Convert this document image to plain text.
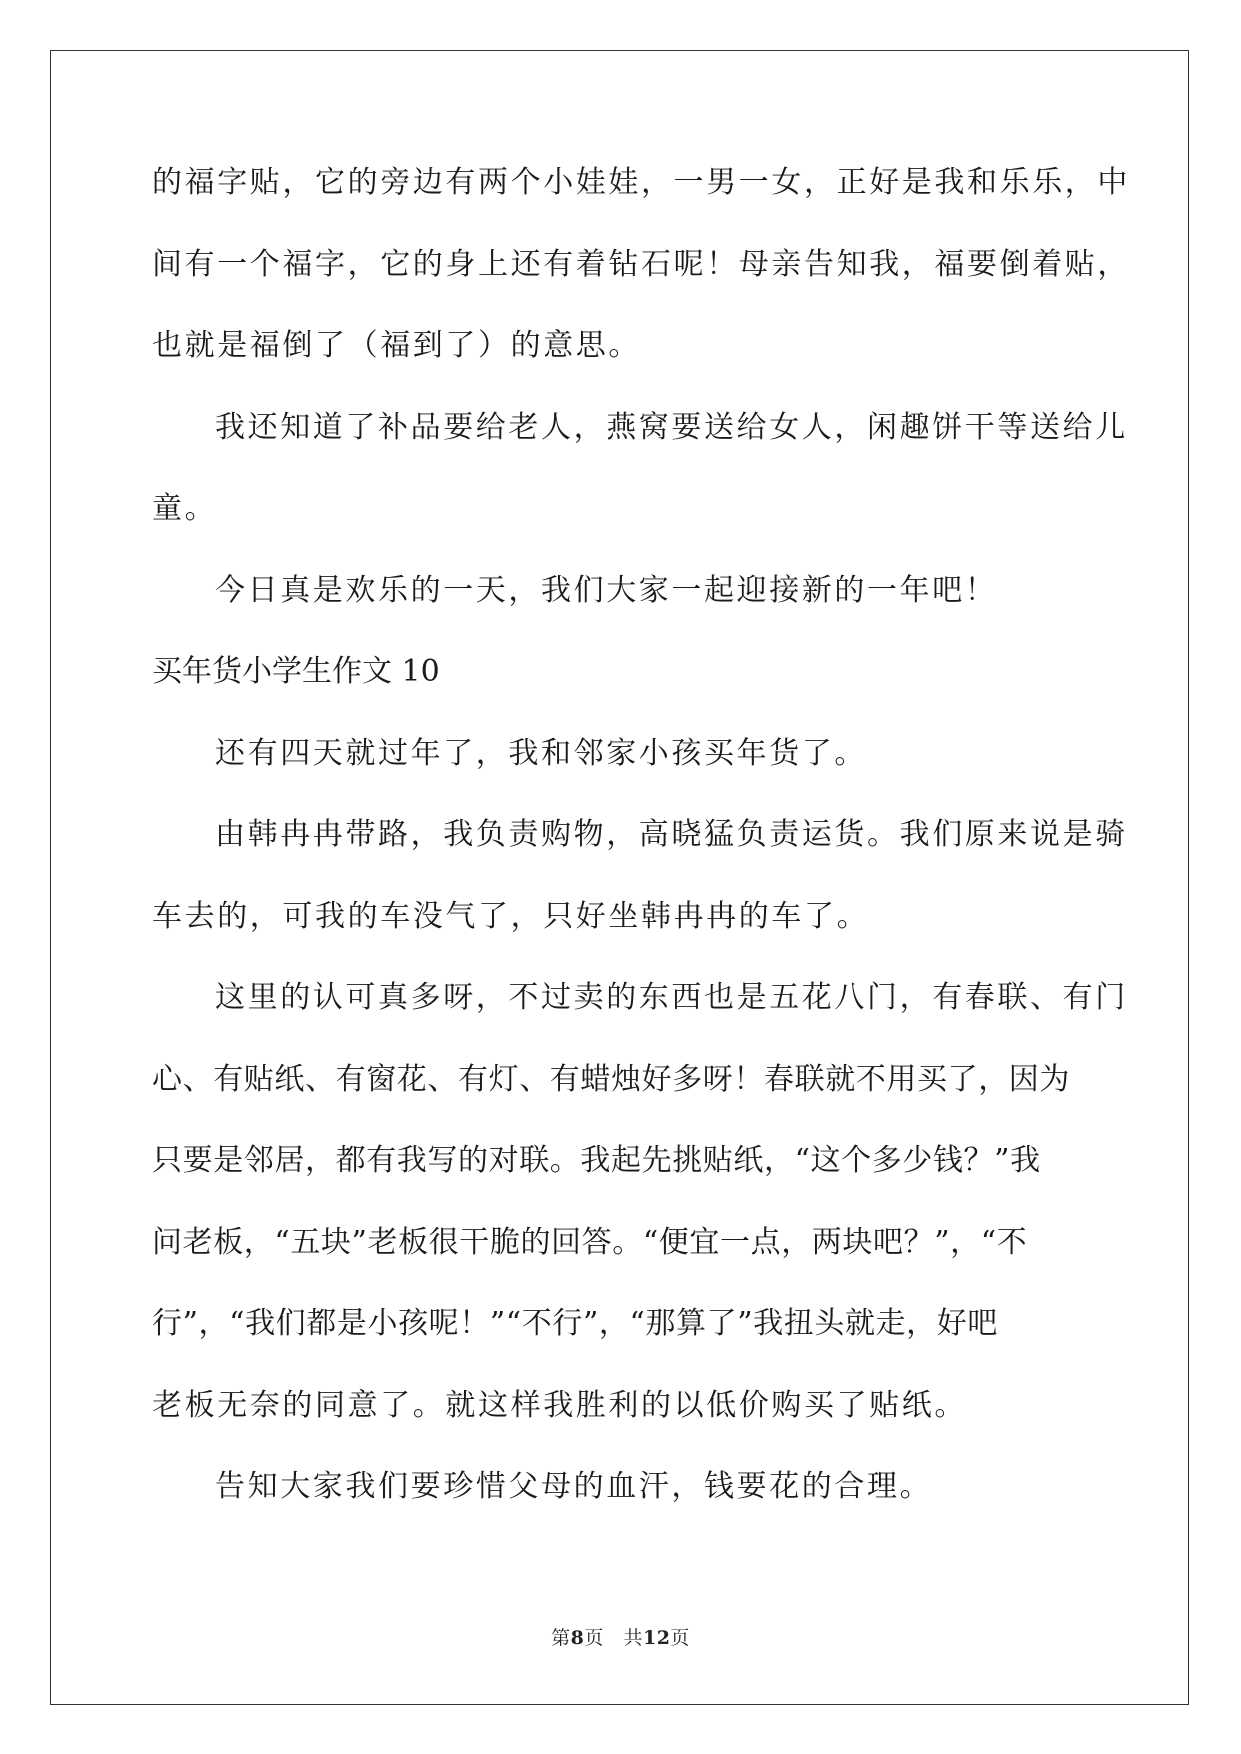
的福字贴，它的旁边有两个小娃娃，一男一女，正好是我和乐乐，中
间有一个福字，它的身上还有着钻石呢！母亲告知我，福要倒着贴，
也就是福倒了（福到了）的意思。
我还知道了补品要给老人，燕窝要送给女人，闲趣饼干等送给儿
童。
今日真是欢乐的一天，我们大家一起迎接新的一年吧！
买年货小学生作文 10
还有四天就过年了，我和邻家小孩买年货了。
由韩冉冉带路，我负责购物，高晓猛负责运货。我们原来说是骑
车去的，可我的车没气了，只好坐韩冉冉的车了。
这里的认可真多呀，不过卖的东西也是五花八门，有春联、有门
心、有贴纸、有窗花、有灯、有蜡烛好多呀！春联就不用买了，因为
只要是邻居，都有我写的对联。我起先挑贴纸，“这个多少钱？”我
问老板，“五块”老板很干脆的回答。“便宜一点，两块吧？”，“不
行”，“我们都是小孩呢！”“不行”，“那算了”我扭头就走，好吧
老板无奈的同意了。就这样我胜利的以低价购买了贴纸。
告知大家我们要珍惜父母的血汗，钱要花的合理。
第8页 共12页
